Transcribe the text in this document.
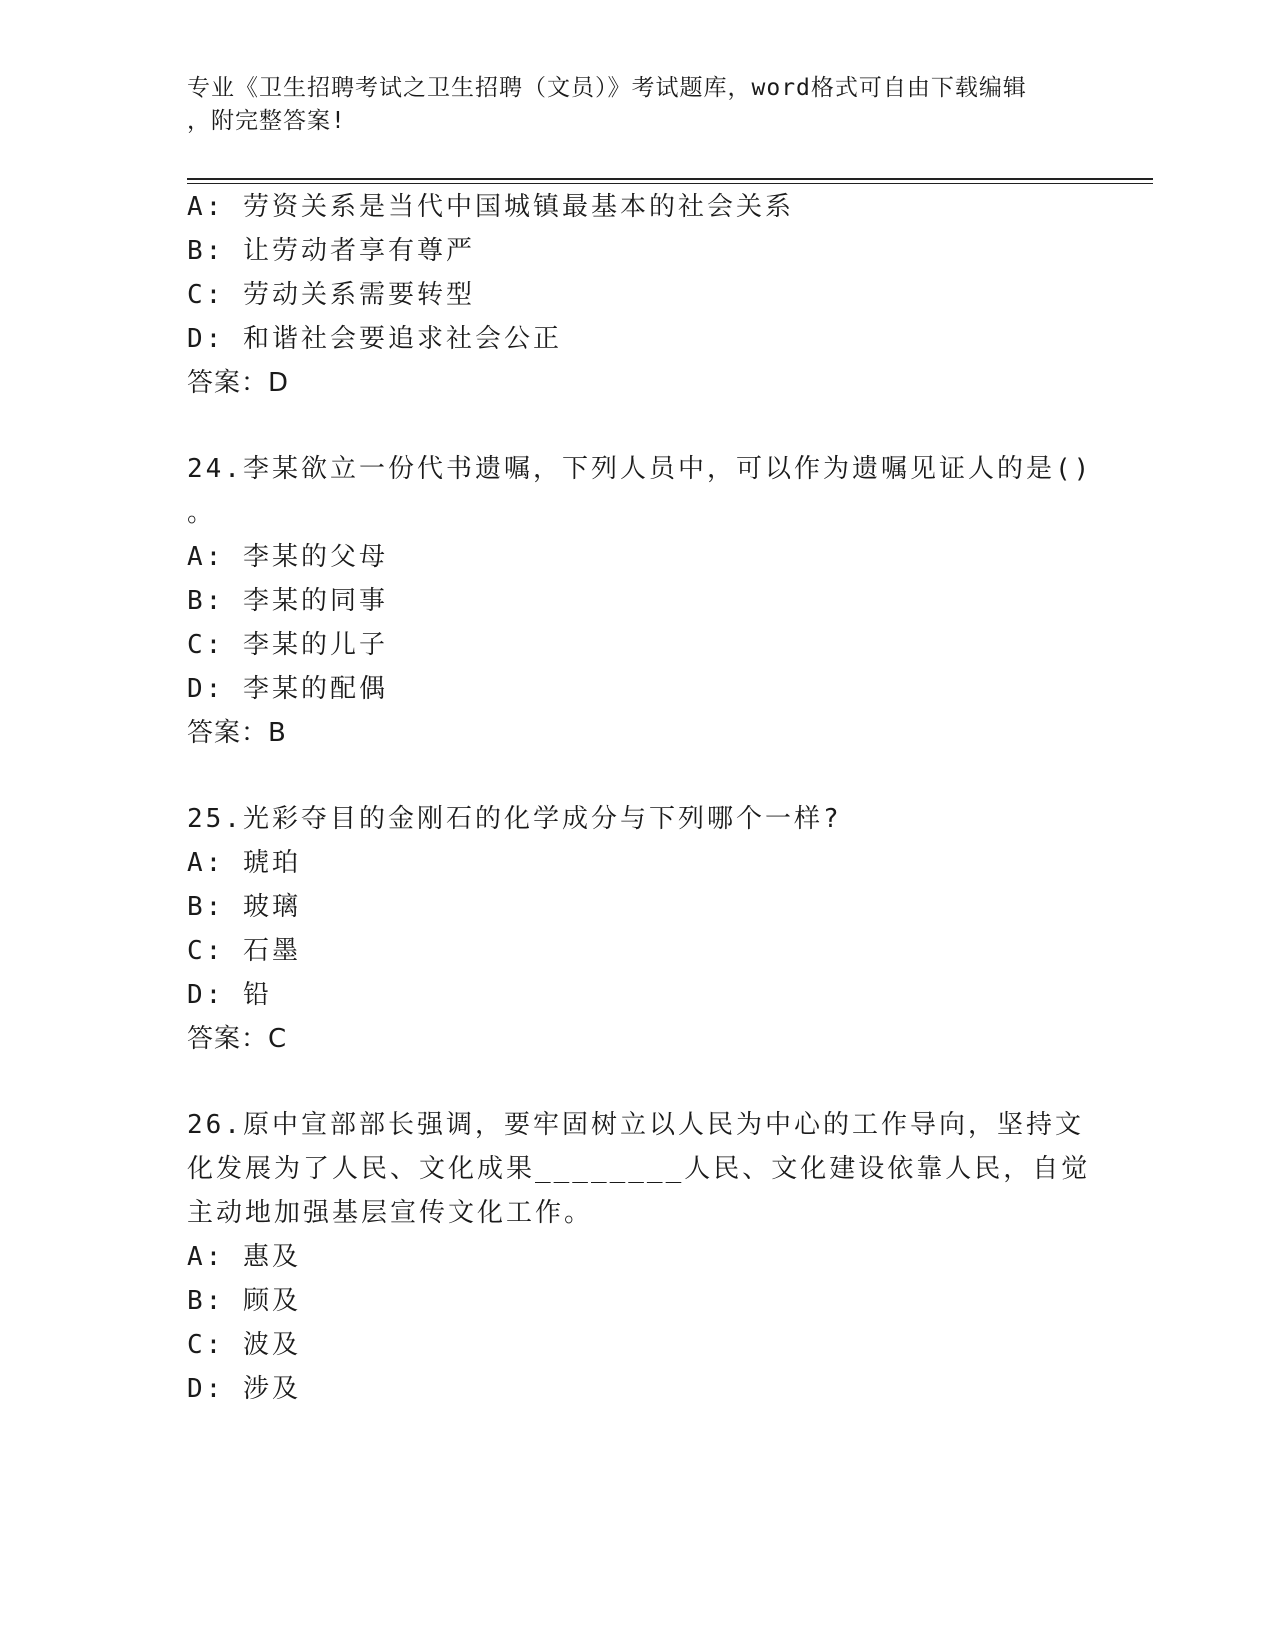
专业《卫生招聘考试之卫生招聘（文员）》考试题库，word格式可自由下载编辑
，附完整答案!
A: 劳资关系是当代中国城镇最基本的社会关系
B: 让劳动者享有尊严
C: 劳动关系需要转型
D: 和谐社会要追求社会公正
答案：D
24.李某欲立一份代书遗嘱，下列人员中，可以作为遗嘱见证人的是()
。
A: 李某的父母
B: 李某的同事
C: 李某的儿子
D: 李某的配偶
答案：B
25.光彩夺目的金刚石的化学成分与下列哪个一样?
A: 琥珀
B: 玻璃
C: 石墨
D: 铅
答案：C
26.原中宣部部长强调，要牢固树立以人民为中心的工作导向，坚持文
化发展为了人民、文化成果________人民、文化建设依靠人民，自觉
主动地加强基层宣传文化工作。
A: 惠及
B: 顾及
C: 波及
D: 涉及
